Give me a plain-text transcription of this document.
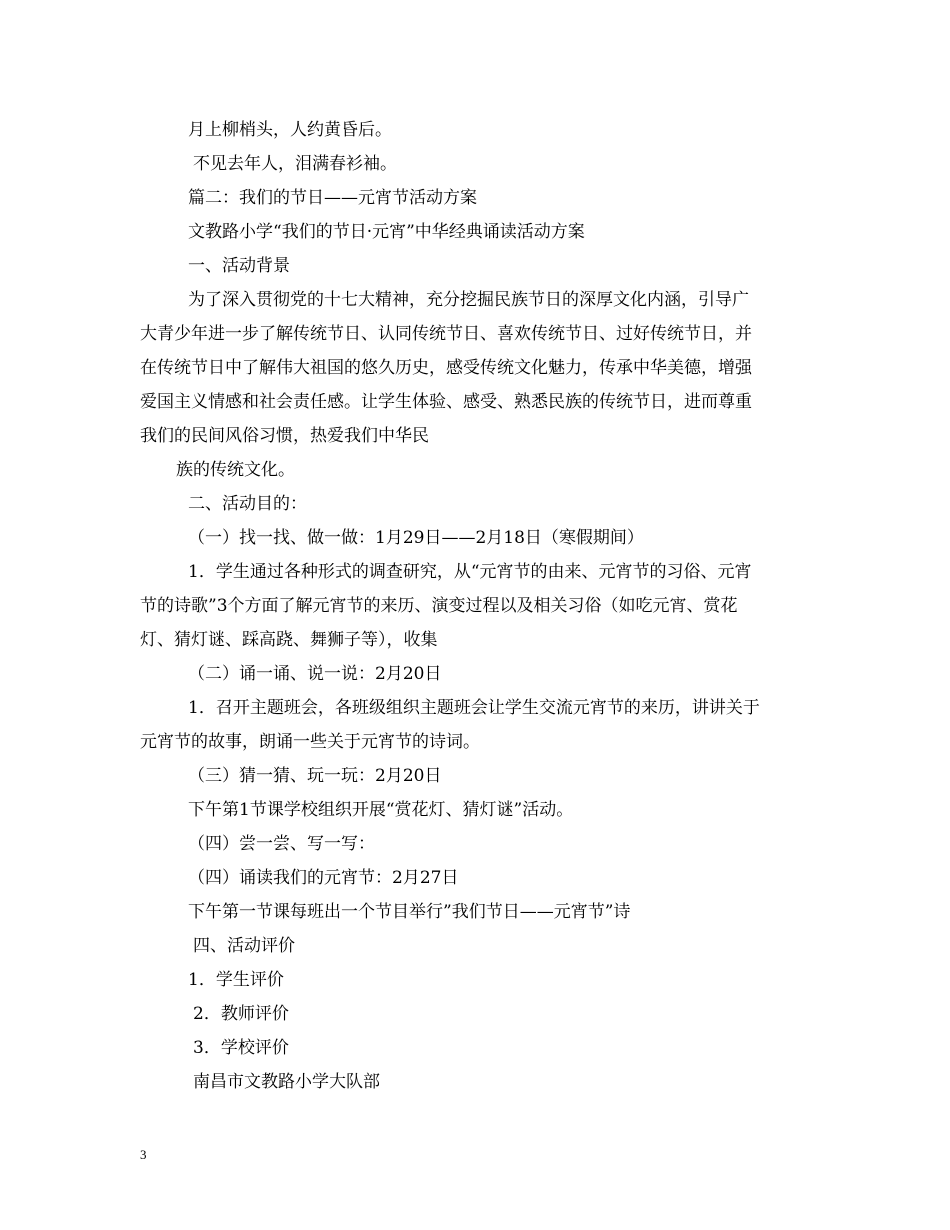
月上柳梢头，人约黄昏后。
不见去年人，泪满春衫袖。
篇二：我们的节日——元宵节活动方案
文教路小学“我们的节日·元宵”中华经典诵读活动方案
一、活动背景
为了深入贯彻党的十七大精神，充分挖掘民族节日的深厚文化内涵，引导广
大青少年进一步了解传统节日、认同传统节日、喜欢传统节日、过好传统节日，并
在传统节日中了解伟大祖国的悠久历史，感受传统文化魅力，传承中华美德，增强
爱国主义情感和社会责任感。让学生体验、感受、熟悉民族的传统节日，进而尊重
我们的民间风俗习惯，热爱我们中华民
族的传统文化。
二、活动目的：
（一）找一找、做一做：1月29日——2月18日（寒假期间）
1．学生通过各种形式的调查研究，从“元宵节的由来、元宵节的习俗、元宵
节的诗歌”3个方面了解元宵节的来历、演变过程以及相关习俗（如吃元宵、赏花
灯、猜灯谜、踩高跷、舞狮子等），收集
（二）诵一诵、说一说：2月20日
1．召开主题班会，各班级组织主题班会让学生交流元宵节的来历，讲讲关于
元宵节的故事，朗诵一些关于元宵节的诗词。
（三）猜一猜、玩一玩：2月20日
下午第1节课学校组织开展“赏花灯、猜灯谜”活动。
（四）尝一尝、写一写：
（四）诵读我们的元宵节：2月27日
下午第一节课每班出一个节目举行”我们节日——元宵节”诗
四、活动评价
1．学生评价
2．教师评价
3．学校评价
南昌市文教路小学大队部
3
